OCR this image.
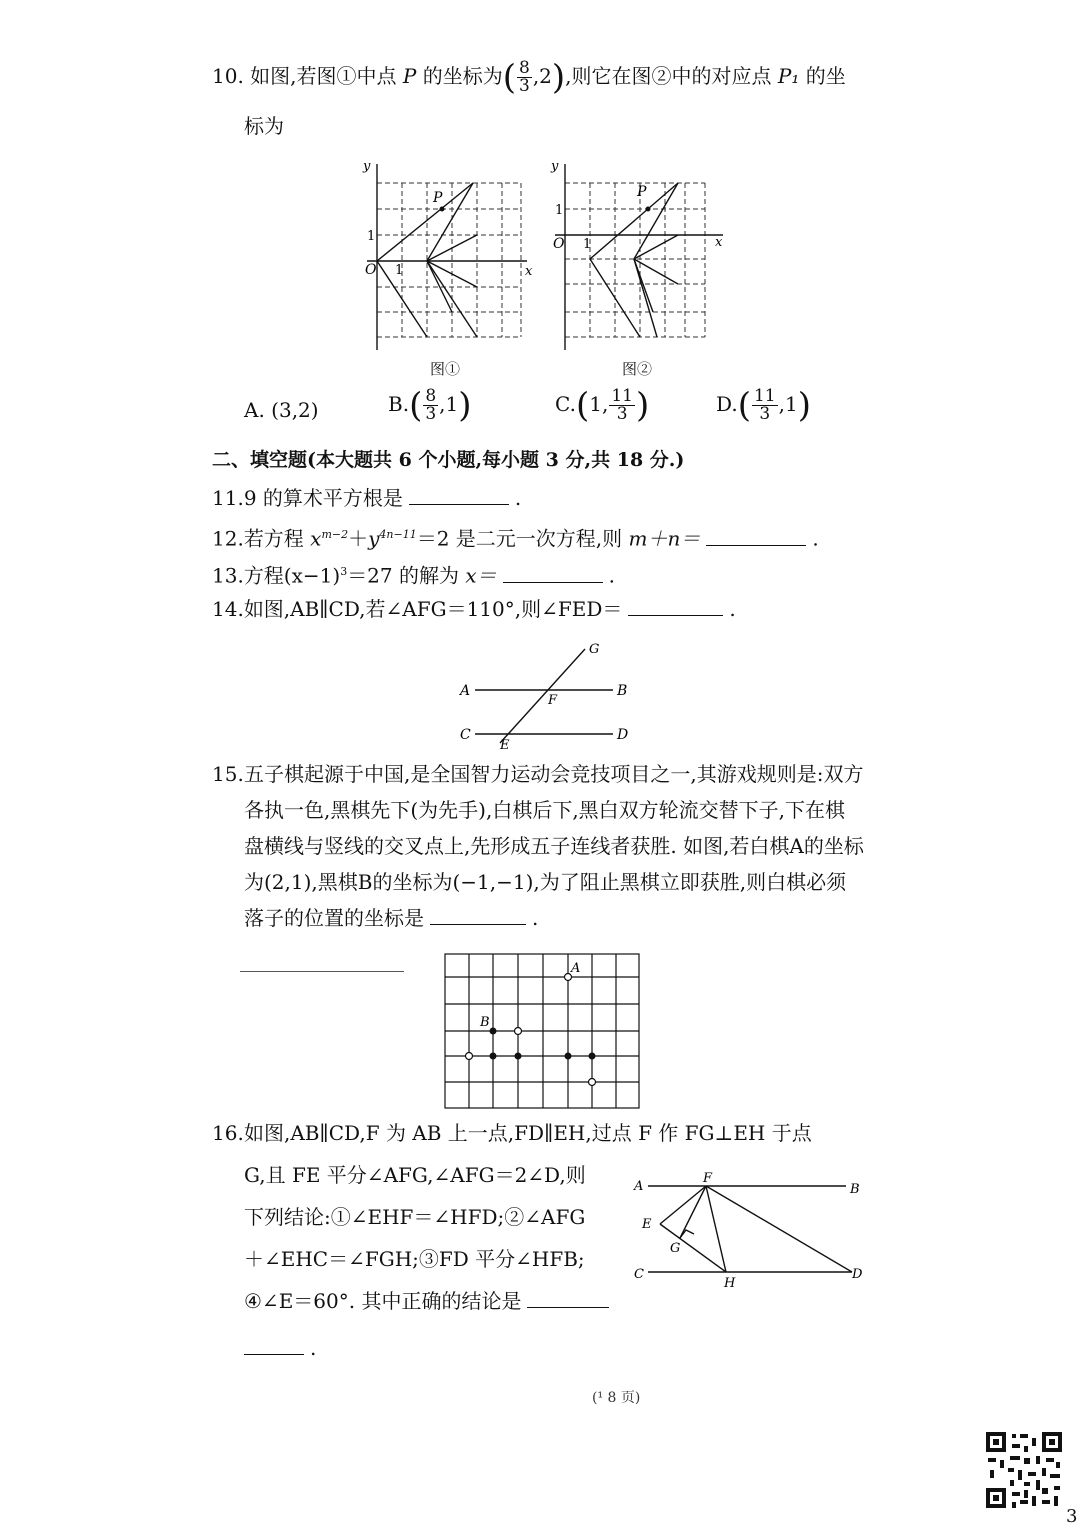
10. 如图,若图①中点 P 的坐标为( $\frac{8}{3} ,2$),则它在图②中的对应点 P₁ 的坐
标为
y
x
O
1
1
P
图①
y
x
O
1
1
P
图②
A. (3,2)	$B.( \frac{8}{3} ,1)$	C.(1, $\frac{11}{3}$ )	$D.( \frac{11}{3} ,1)$
二、填空题(本大题共 6 个小题,每小题 3 分,共 18 分.)
11.9 的算术平方根是	.
12.若方程 $x^{m-2}+y^{4n-11}=2$ 是二元一次方程,则 m＋n＝	.
13.方程$(x-1)^3=27$ 的解为 x＝	.
14.如图,AB∥CD,若∠AFG＝110°,则∠FED＝	.
A	B
C	D
E
F
G
15. 五子棋起源于中国,是全国智力运动会竞技项目之一,其游戏规则是:双方各执一色,黑棋先下(为先手),白棋后下,黑白双方轮流交替下子,下在棋盘横线与竖线的交叉点上,先形成五子连线者获胜. 如图,若白棋A的坐标为(2,1),黑棋B的坐标为(−1,−1),为了阻止黑棋立即获胜,则白棋必须落子的位置的坐标是	.
A
B
16. 如图,AB∥CD,F 为 AB 上一点,FD∥EH,过点 F 作 FG⊥EH 于点
G,且 FE 平分∠AFG,∠AFG＝2∠D,则
下列结论:①∠EHF＝∠HFD;②∠AFG
＋∠EHC＝∠FGH;③FD 平分∠HFB;
④∠E＝60°. 其中正确的结论是
.
A	B
C	D
E
F
G
H
(¹ 8 页)
3
